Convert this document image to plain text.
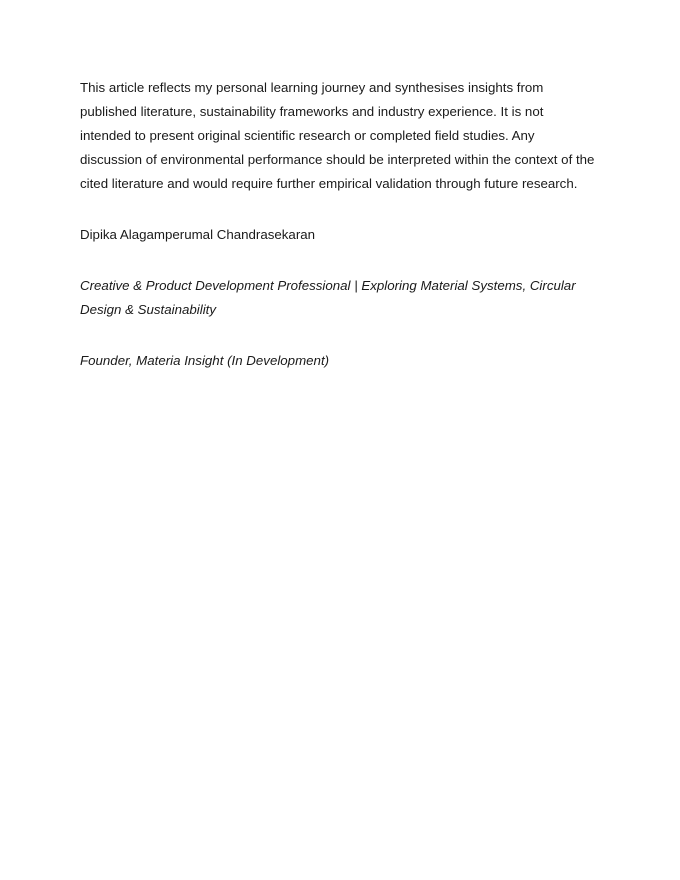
This article reflects my personal learning journey and synthesises insights from published literature, sustainability frameworks and industry experience. It is not intended to present original scientific research or completed field studies. Any discussion of environmental performance should be interpreted within the context of the cited literature and would require further empirical validation through future research.

Dipika Alagamperumal Chandrasekaran

Creative & Product Development Professional | Exploring Material Systems, Circular Design & Sustainability

Founder, Materia Insight (In Development)
